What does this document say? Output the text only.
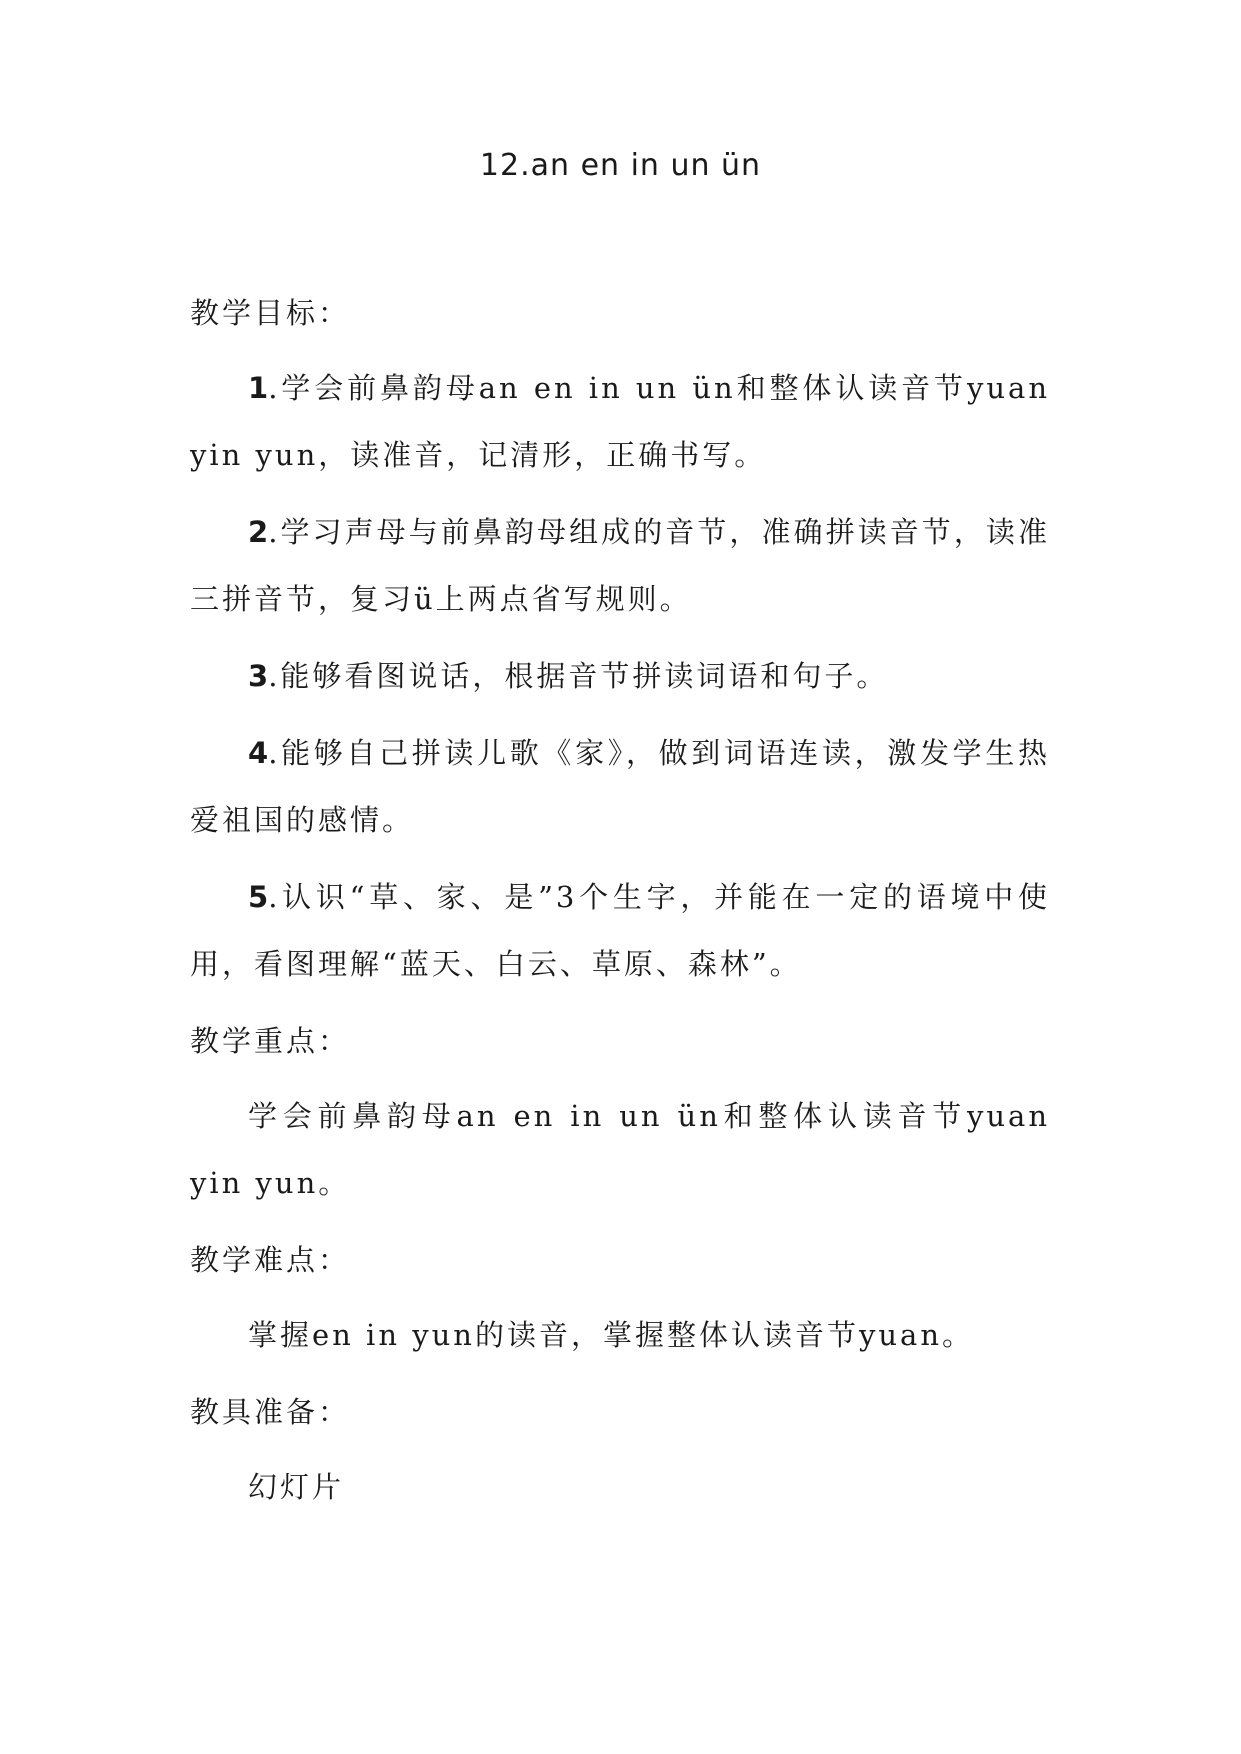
12.an en in un ün
教学目标：

1.学会前鼻韵母an en in un ün和整体认读音节yuan yin yun，读准音，记清形，正确书写。

2.学习声母与前鼻韵母组成的音节，准确拼读音节，读准三拼音节，复习ü上两点省写规则。

3.能够看图说话，根据音节拼读词语和句子。

4.能够自己拼读儿歌《家》，做到词语连读，激发学生热爱祖国的感情。

5.认识“草、家、是”3个生字，并能在一定的语境中使用，看图理解“蓝天、白云、草原、森林”。

教学重点：

学会前鼻韵母an en in un ün和整体认读音节yuan yin yun。

教学难点：

掌握en in yun的读音，掌握整体认读音节yuan。

教具准备：

幻灯片
